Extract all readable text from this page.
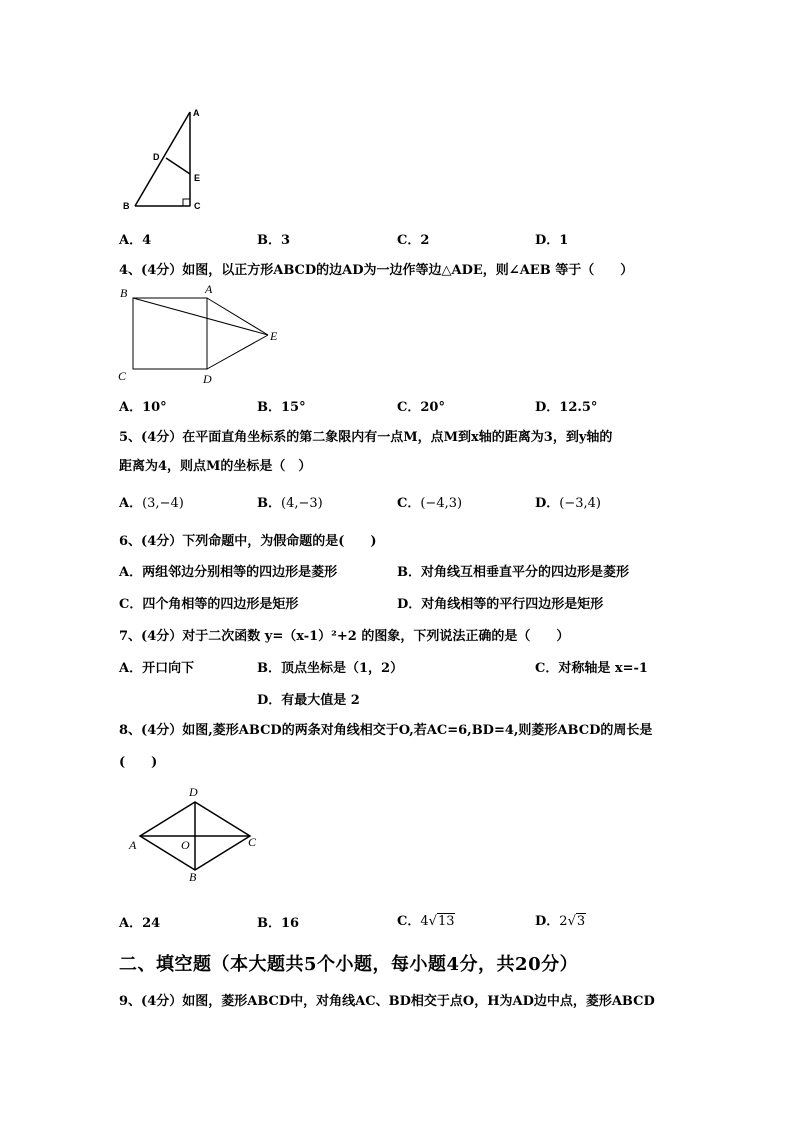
A
D
E
B	C
A．4	B．3	C．2	D．1
4、(4分）如图，以正方形ABCD的边AD为一边作等边△ADE，则∠AEB 等于（　　）
B	A
E
C	D
A．10°	B．15°	C．20°	D．12.5°
5、(4分）在平面直角坐标系的第二象限内有一点M，点M到x轴的距离为3，到y轴的
距离为4，则点M的坐标是（　）
A．(3,−4)	B．(4,−3)	C．(−4,3)	D．(−3,4)
6、(4分）下列命题中，为假命题的是(　　)
A．两组邻边分别相等的四边形是菱形	B．对角线互相垂直平分的四边形是菱形
C．四个角相等的四边形是矩形	D．对角线相等的平行四边形是矩形
7、(4分）对于二次函数 y=（x-1）²+2 的图象，下列说法正确的是（　　）
A．开口向下	B．顶点坐标是（1，2）	C．对称轴是 x=-1
D．有最大值是 2
8、(4分）如图,菱形ABCD的两条对角线相交于O,若AC=6,BD=4,则菱形ABCD的周长是
(　　)
D
A	O	C
B
A．24	B．16	C．4√13	D．2√3
二、填空题（本大题共5个小题，每小题4分，共20分）
9、(4分）如图，菱形ABCD中，对角线AC、BD相交于点O，H为AD边中点，菱形ABCD
